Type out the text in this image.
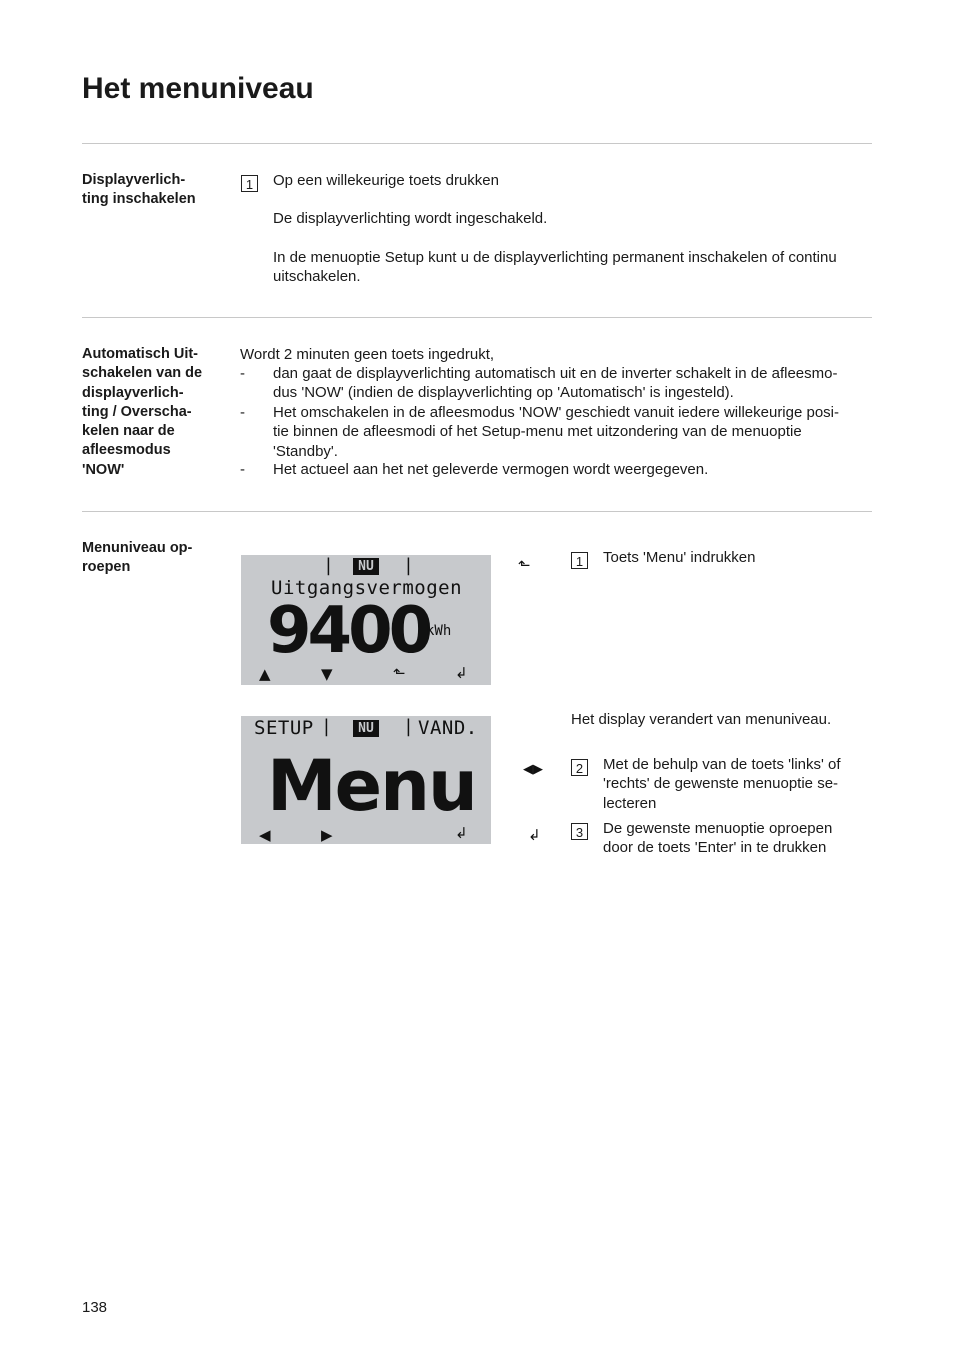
Het menuniveau
Displayverlich-
ting inschakelen
1	Op een willekeurige toets drukken
De displayverlichting wordt ingeschakeld.
In de menuoptie Setup kunt u de displayverlichting permanent inschakelen of continu uitschakelen.
Automatisch Uit-
schakelen van de
displayverlich-
ting / Overscha-
kelen naar de
afleesmodus
'NOW'
Wordt 2 minuten geen toets ingedrukt,
- dan gaat de displayverlichting automatisch uit en de inverter schakelt in de afleesmo-
dus 'NOW' (indien de displayverlichting op 'Automatisch' is ingesteld).
- Het omschakelen in de afleesmodus 'NOW' geschiedt vanuit iedere willekeurige posi-
tie binnen de afleesmodi of het Setup-menu met uitzondering van de menuoptie
'Standby'.
- Het actueel aan het net geleverde vermogen wordt weergegeven.
Menuniveau op-
roepen	|	NU |
Uitgangsvermogen
9400
kWh
▲	▼	⬑	↲
SETUP |	NU | VAND.
Menu
◀	▶	↲
⬑	1	Toets 'Menu' indrukken
Het display verandert van menuniveau.
◀▶	2	Met de behulp van de toets 'links' of
'rechts' de gewenste menuoptie se-
lecteren
↲	3	De gewenste menuoptie oproepen
door de toets 'Enter' in te drukken
138
